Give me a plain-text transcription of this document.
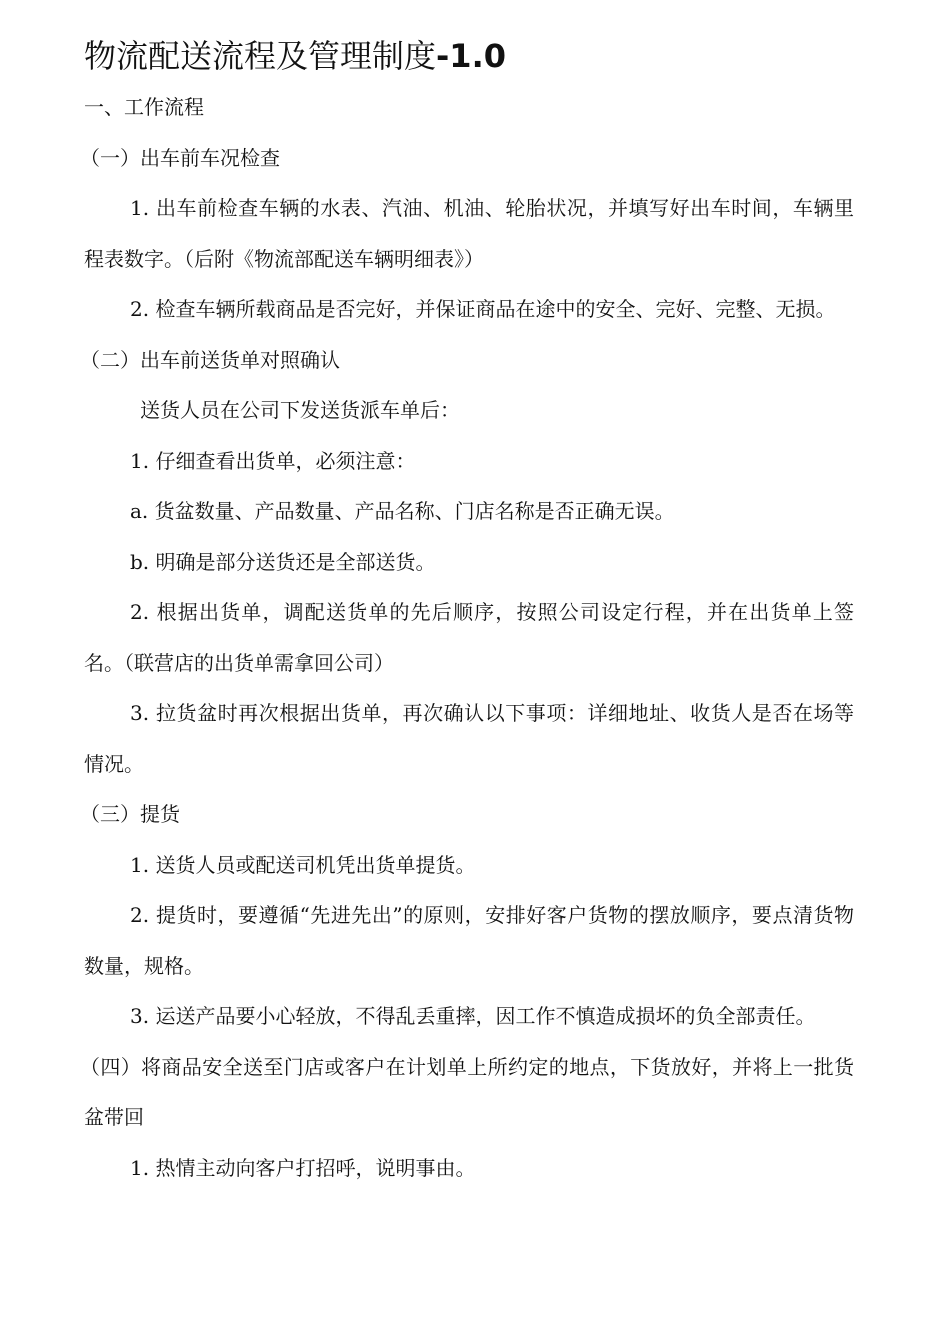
物流配送流程及管理制度-1.0

一、工作流程

（一）出车前车况检查

1. 出车前检查车辆的水表、汽油、机油、轮胎状况，并填写好出车时间，车辆里程表数字。（后附《物流部配送车辆明细表》）

2. 检查车辆所载商品是否完好，并保证商品在途中的安全、完好、完整、无损。

（二）出车前送货单对照确认

送货人员在公司下发送货派车单后：

1. 仔细查看出货单，必须注意：

a. 货盆数量、产品数量、产品名称、门店名称是否正确无误。

b. 明确是部分送货还是全部送货。

2. 根据出货单，调配送货单的先后顺序，按照公司设定行程，并在出货单上签名。（联营店的出货单需拿回公司）

3. 拉货盆时再次根据出货单，再次确认以下事项：详细地址、收货人是否在场等情况。

（三）提货

1. 送货人员或配送司机凭出货单提货。

2. 提货时，要遵循“先进先出”的原则，安排好客户货物的摆放顺序，要点清货物数量，规格。

3. 运送产品要小心轻放，不得乱丢重摔，因工作不慎造成损坏的负全部责任。

（四）将商品安全送至门店或客户在计划单上所约定的地点，下货放好，并将上一批货盆带回

1. 热情主动向客户打招呼，说明事由。
